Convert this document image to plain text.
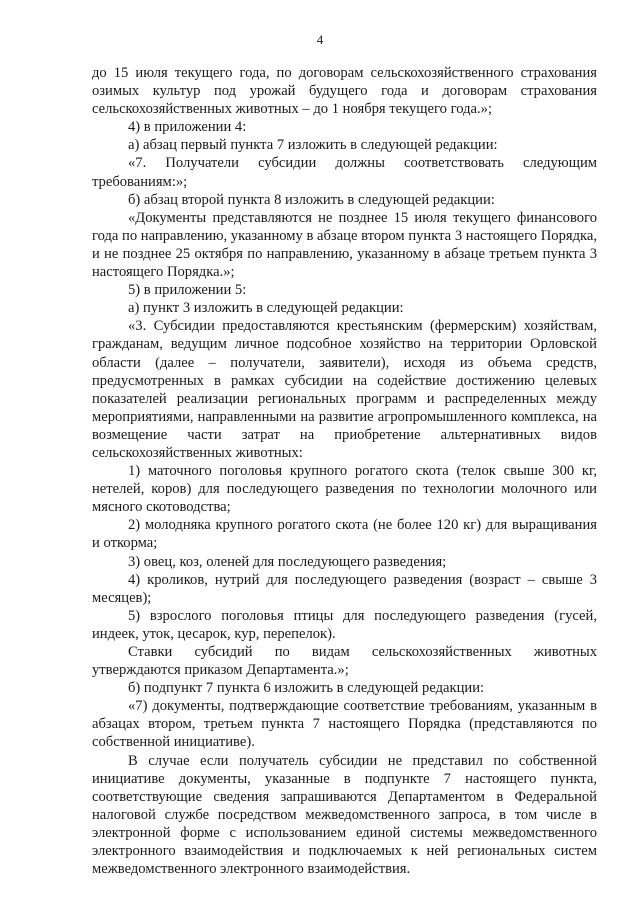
4

до 15 июля текущего года, по договорам сельскохозяйственного страхования озимых культур под урожай будущего года и договорам страхования сельскохозяйственных животных – до 1 ноября текущего года.»;

4) в приложении 4:

а) абзац первый пункта 7 изложить в следующей редакции:

«7. Получатели субсидии должны соответствовать следующим требованиям:»;

б) абзац второй пункта 8 изложить в следующей редакции:

«Документы представляются не позднее 15 июля текущего финансового года по направлению, указанному в абзаце втором пункта 3 настоящего Порядка, и не позднее 25 октября по направлению, указанному в абзаце третьем пункта 3 настоящего Порядка.»;

5) в приложении 5:

а) пункт 3 изложить в следующей редакции:

«3. Субсидии предоставляются крестьянским (фермерским) хозяйствам, гражданам, ведущим личное подсобное хозяйство на территории Орловской области (далее – получатели, заявители), исходя из объема средств, предусмотренных в рамках субсидии на содействие достижению целевых показателей реализации региональных программ и распределенных между мероприятиями, направленными на развитие агропромышленного комплекса, на возмещение части затрат на приобретение альтернативных видов сельскохозяйственных животных:

1) маточного поголовья крупного рогатого скота (телок свыше 300 кг, нетелей, коров) для последующего разведения по технологии молочного или мясного скотоводства;

2) молодняка крупного рогатого скота (не более 120 кг) для выращивания и откорма;

3) овец, коз, оленей для последующего разведения;

4) кроликов, нутрий для последующего разведения (возраст – свыше 3 месяцев);

5) взрослого поголовья птицы для последующего разведения (гусей, индеек, уток, цесарок, кур, перепелок).

Ставки субсидий по видам сельскохозяйственных животных утверждаются приказом Департамента.»;

б) подпункт 7 пункта 6 изложить в следующей редакции:

«7) документы, подтверждающие соответствие требованиям, указанным в абзацах втором, третьем пункта 7 настоящего Порядка (представляются по собственной инициативе).

В случае если получатель субсидии не представил по собственной инициативе документы, указанные в подпункте 7 настоящего пункта, соответствующие сведения запрашиваются Департаментом в Федеральной налоговой службе посредством межведомственного запроса, в том числе в электронной форме с использованием единой системы межведомственного электронного взаимодействия и подключаемых к ней региональных систем межведомственного электронного взаимодействия.
